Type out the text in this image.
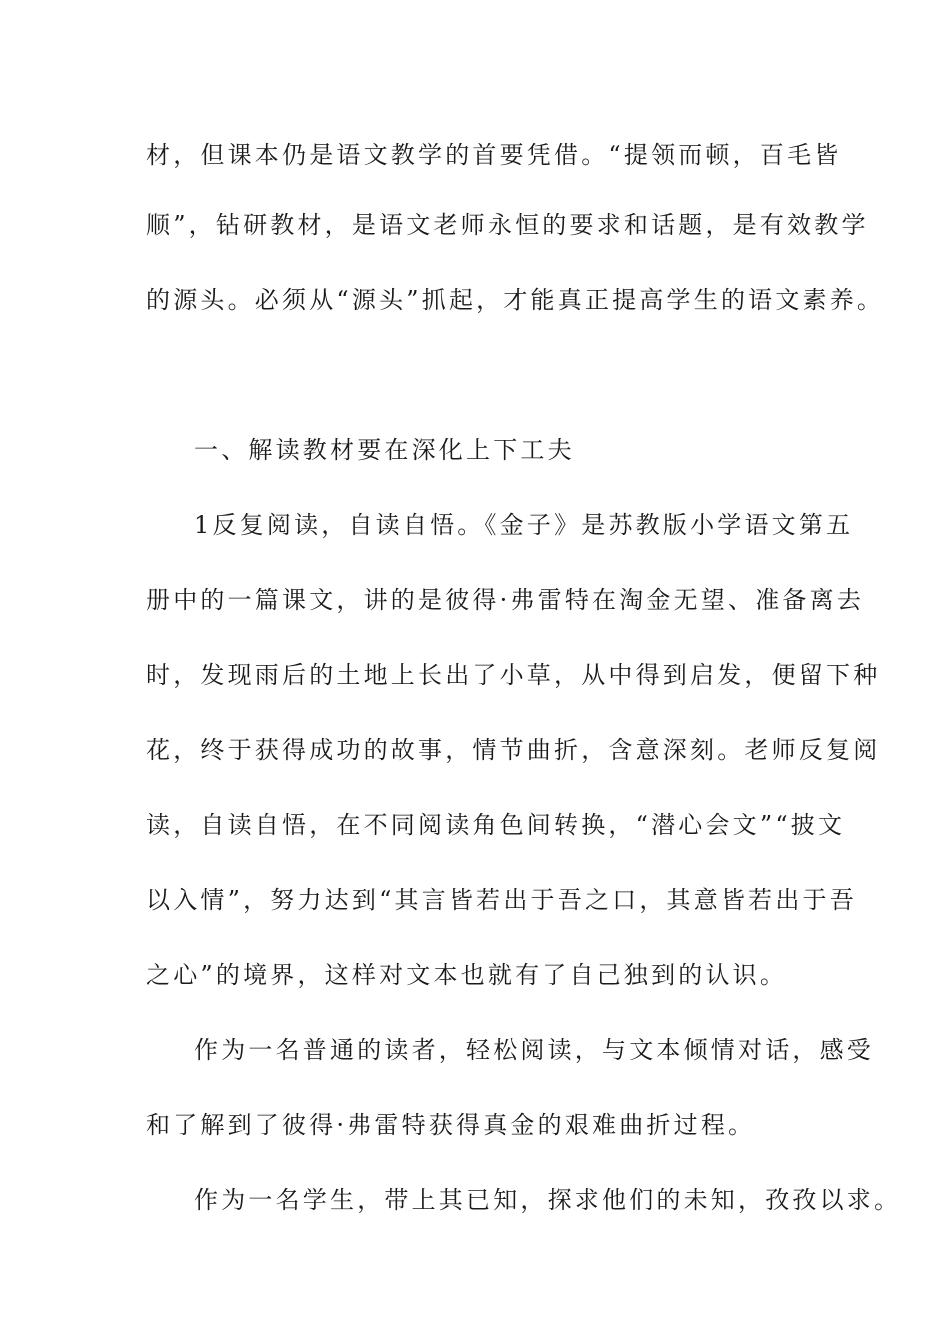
材，但课本仍是语文教学的首要凭借。“提领而顿，百毛皆
顺”，钻研教材，是语文老师永恒的要求和话题，是有效教学
的源头。必须从“源头”抓起，才能真正提高学生的语文素养。
一、解读教材要在深化上下工夫
1反复阅读，自读自悟。《金子》是苏教版小学语文第五
册中的一篇课文，讲的是彼得·弗雷特在淘金无望、准备离去
时，发现雨后的土地上长出了小草，从中得到启发，便留下种
花，终于获得成功的故事，情节曲折，含意深刻。老师反复阅
读，自读自悟，在不同阅读角色间转换，“潜心会文”“披文
以入情”，努力达到“其言皆若出于吾之口，其意皆若出于吾
之心”的境界，这样对文本也就有了自己独到的认识。
作为一名普通的读者，轻松阅读，与文本倾情对话，感受
和了解到了彼得·弗雷特获得真金的艰难曲折过程。
作为一名学生，带上其已知，探求他们的未知，孜孜以求。
